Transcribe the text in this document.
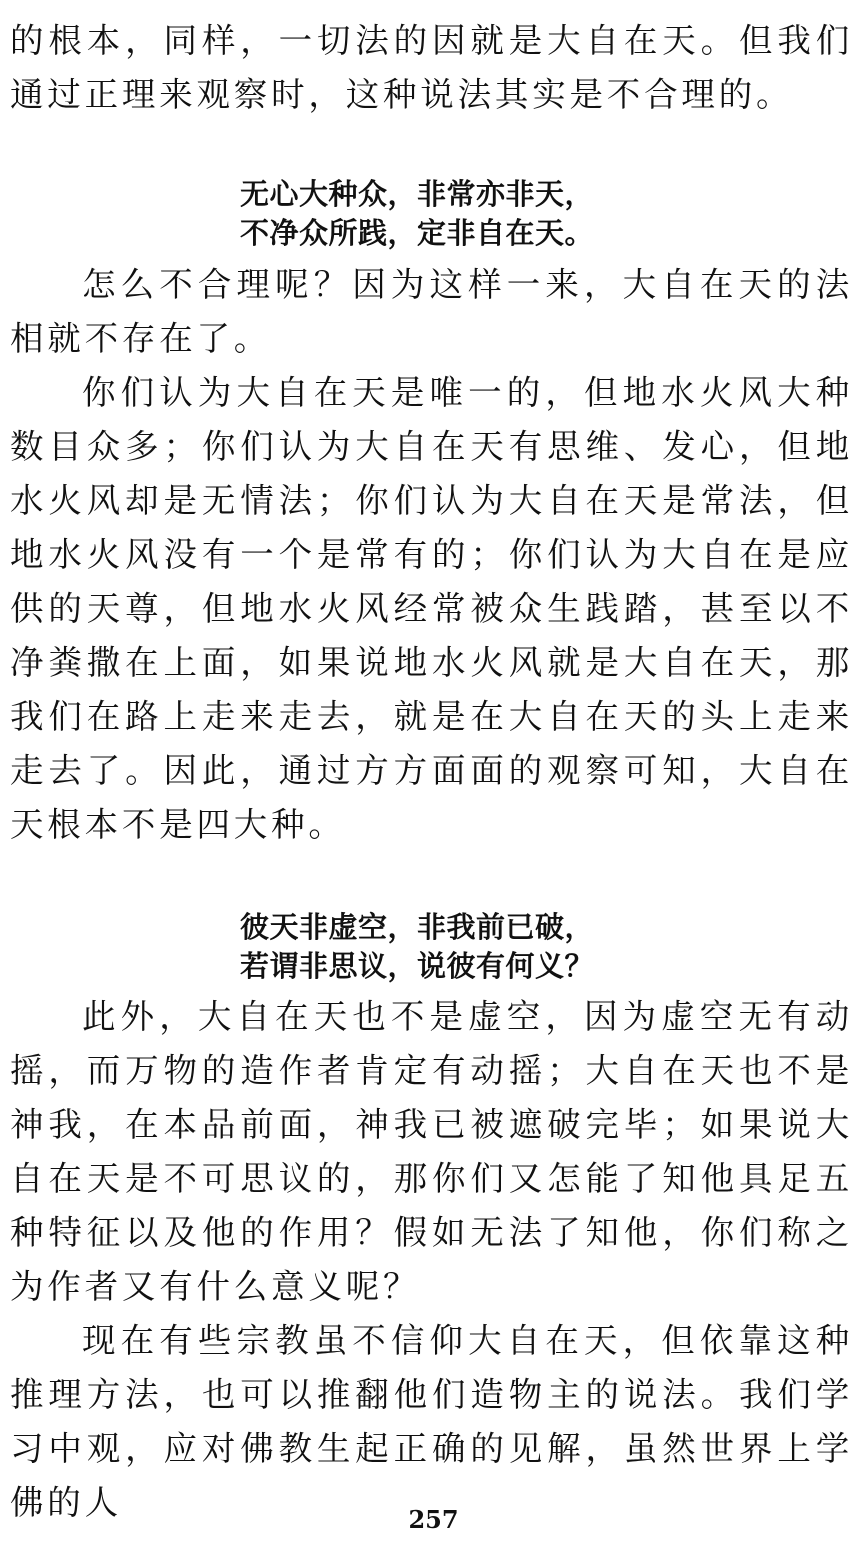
的根本，同样，一切法的因就是大自在天。但我们通过正理来观察时，这种说法其实是不合理的。

无心大种众，非常亦非天，
不净众所践，定非自在天。

怎么不合理呢？因为这样一来，大自在天的法相就不存在了。

你们认为大自在天是唯一的，但地水火风大种数目众多；你们认为大自在天有思维、发心，但地水火风却是无情法；你们认为大自在天是常法，但地水火风没有一个是常有的；你们认为大自在是应供的天尊，但地水火风经常被众生践踏，甚至以不净粪撒在上面，如果说地水火风就是大自在天，那我们在路上走来走去，就是在大自在天的头上走来走去了。因此，通过方方面面的观察可知，大自在天根本不是四大种。

彼天非虚空，非我前已破，
若谓非思议，说彼有何义？

此外，大自在天也不是虚空，因为虚空无有动摇，而万物的造作者肯定有动摇；大自在天也不是神我，在本品前面，神我已被遮破完毕；如果说大自在天是不可思议的，那你们又怎能了知他具足五种特征以及他的作用？假如无法了知他，你们称之为作者又有什么意义呢？

现在有些宗教虽不信仰大自在天，但依靠这种推理方法，也可以推翻他们造物主的说法。我们学习中观，应对佛教生起正确的见解，虽然世界上学佛的人	257
